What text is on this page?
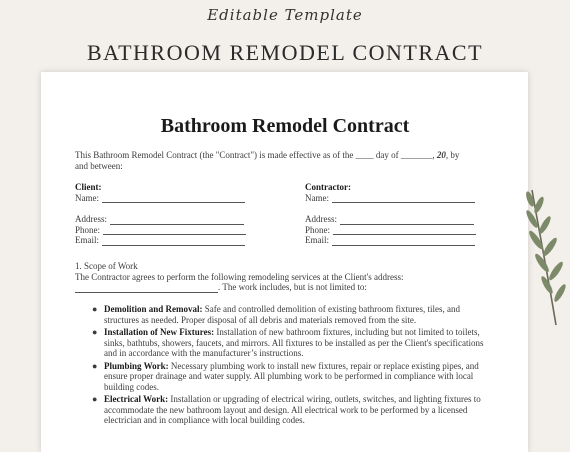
Editable Template
BATHROOM REMODEL CONTRACT
Bathroom Remodel Contract
This Bathroom Remodel Contract (the "Contract") is made effective as of the ____ day of _______, 20, by
and between:
Client:
Name:
Address:
Phone:
Email:
Contractor:
Name:
Address:
Phone:
Email:
1. Scope of Work
The Contractor agrees to perform the following remodeling services at the Client's address:
. The work includes, but is not limited to:
● Demolition and Removal: Safe and controlled demolition of existing bathroom fixtures, tiles, and structures as needed. Proper disposal of all debris and materials removed from the site.
● Installation of New Fixtures: Installation of new bathroom fixtures, including but not limited to toilets, sinks, bathtubs, showers, faucets, and mirrors. All fixtures to be installed as per the Client's specifications and in accordance with the manufacturer’s instructions.
● Plumbing Work: Necessary plumbing work to install new fixtures, repair or replace existing pipes, and ensure proper drainage and water supply. All plumbing work to be performed in compliance with local building codes.
● Electrical Work: Installation or upgrading of electrical wiring, outlets, switches, and lighting fixtures to accommodate the new bathroom layout and design. All electrical work to be performed by a licensed electrician and in compliance with local building codes.
